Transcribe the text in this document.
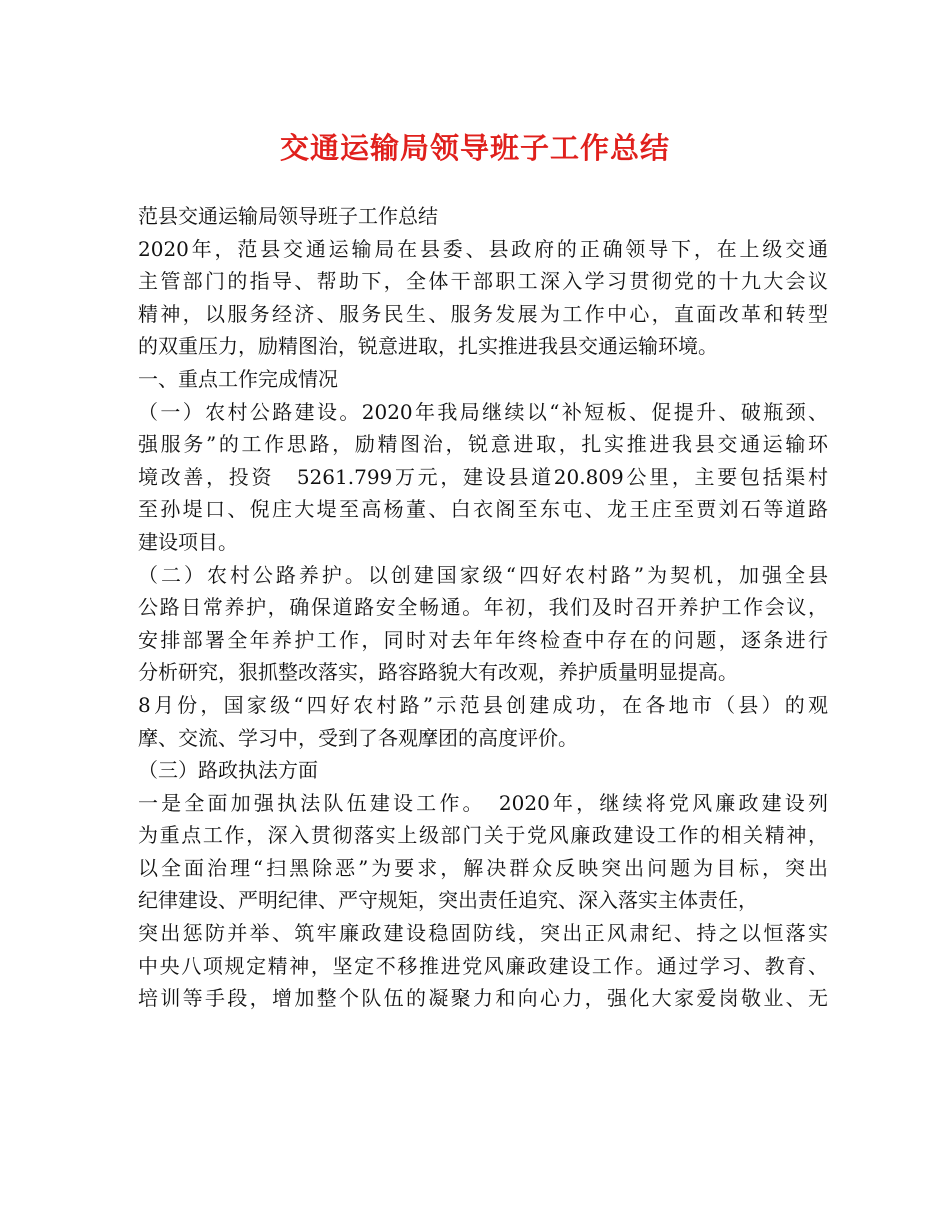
交通运输局领导班子工作总结
范县交通运输局领导班子工作总结
2020年，范县交通运输局在县委、县政府的正确领导下，在上级交通
主管部门的指导、帮助下，全体干部职工深入学习贯彻党的十九大会议
精神，以服务经济、服务民生、服务发展为工作中心，直面改革和转型
的双重压力，励精图治，锐意进取，扎实推进我县交通运输环境。
一、重点工作完成情况
（一）农村公路建设。2020年我局继续以“补短板、促提升、破瓶颈、
强服务”的工作思路，励精图治，锐意进取，扎实推进我县交通运输环
境改善，投资　5261.799万元，建设县道20.809公里，主要包括渠村
至孙堤口、倪庄大堤至高杨董、白衣阁至东屯、龙王庄至贾刘石等道路
建设项目。
（二）农村公路养护。以创建国家级“四好农村路”为契机，加强全县
公路日常养护，确保道路安全畅通。年初，我们及时召开养护工作会议，
安排部署全年养护工作，同时对去年年终检查中存在的问题，逐条进行
分析研究，狠抓整改落实，路容路貌大有改观，养护质量明显提高。
8月份，国家级“四好农村路”示范县创建成功，在各地市（县）的观
摩、交流、学习中，受到了各观摩团的高度评价。
（三）路政执法方面
一是全面加强执法队伍建设工作。　2020年，继续将党风廉政建设列
为重点工作，深入贯彻落实上级部门关于党风廉政建设工作的相关精神，
以全面治理“扫黑除恶”为要求，解决群众反映突出问题为目标，突出
纪律建设、严明纪律、严守规矩，突出责任追究、深入落实主体责任，
突出惩防并举、筑牢廉政建设稳固防线，突出正风肃纪、持之以恒落实
中央八项规定精神，坚定不移推进党风廉政建设工作。通过学习、教育、
培训等手段，增加整个队伍的凝聚力和向心力，强化大家爱岗敬业、无
